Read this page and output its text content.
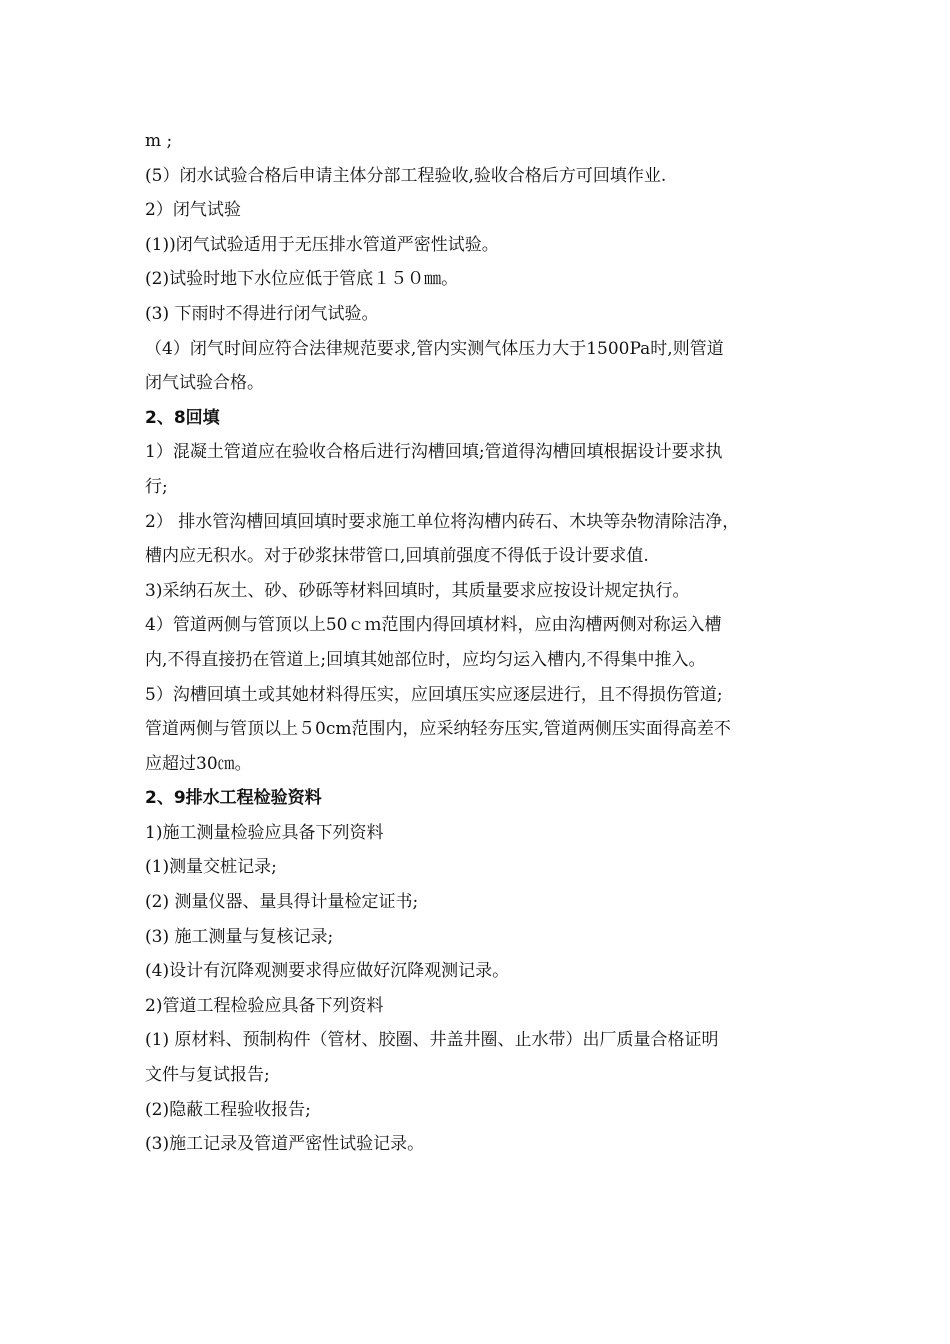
m ;
(5）闭水试验合格后申请主体分部工程验收,验收合格后方可回填作业.
2）闭气试验
(1))闭气试验适用于无压排水管道严密性试验。
(2)试验时地下水位应低于管底１５０㎜。
(3) 下雨时不得进行闭气试验。
（4）闭气时间应符合法律规范要求,管内实测气体压力大于1500Pa时,则管道
闭气试验合格。
2、8回填
1）混凝土管道应在验收合格后进行沟槽回填;管道得沟槽回填根据设计要求执
行;
2） 排水管沟槽回填回填时要求施工单位将沟槽内砖石、木块等杂物清除洁净，
槽内应无积水。对于砂浆抹带管口,回填前强度不得低于设计要求值.
3)采纳石灰土、砂、砂砾等材料回填时，其质量要求应按设计规定执行。
4）管道两侧与管顶以上50ｃｍ范围内得回填材料，应由沟槽两侧对称运入槽
内,不得直接扔在管道上;回填其她部位时，应均匀运入槽内,不得集中推入。
5）沟槽回填土或其她材料得压实，应回填压实应逐层进行，且不得损伤管道;
管道两侧与管顶以上５0cm范围内，应采纳轻夯压实,管道两侧压实面得高差不
应超过30㎝。
2、9排水工程检验资料
1)施工测量检验应具备下列资料
(1)测量交桩记录;
(2) 测量仪器、量具得计量检定证书;
(3) 施工测量与复核记录;
(4)设计有沉降观测要求得应做好沉降观测记录。
2)管道工程检验应具备下列资料
(1) 原材料、预制构件（管材、胶圈、井盖井圈、止水带）出厂质量合格证明
文件与复试报告;
(2)隐蔽工程验收报告;
(3)施工记录及管道严密性试验记录。
